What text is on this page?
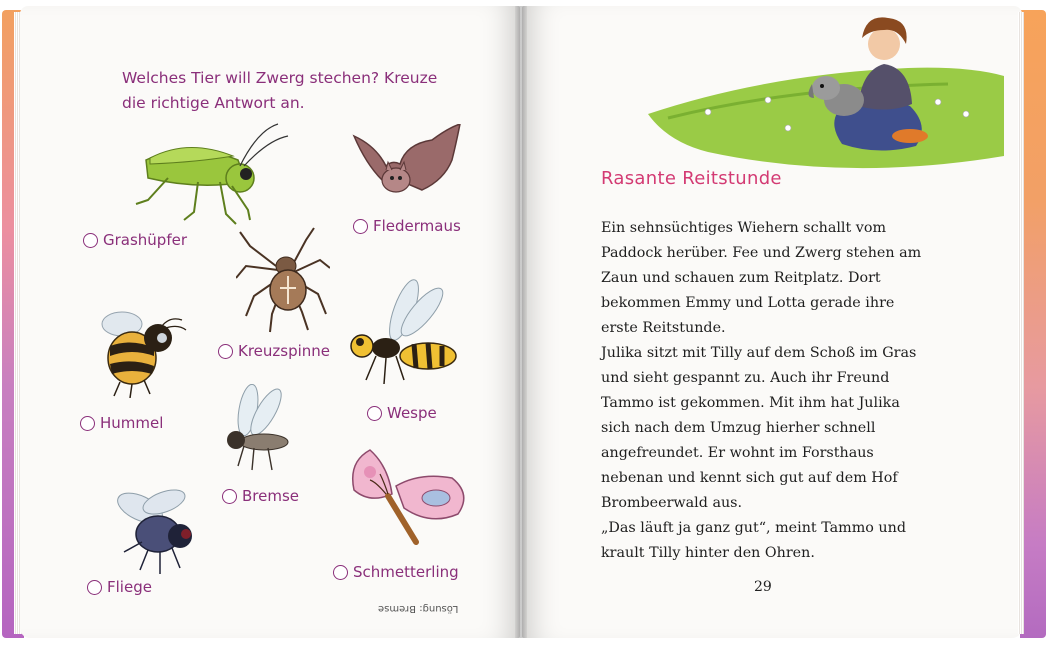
Welches Tier will Zwerg stechen? Kreuze die richtige Antwort an.
Grashüpfer
Fledermaus
Kreuzspinne
Hummel
Wespe
Bremse
Fliege
Schmetterling
Lösung: Bremse
Rasante Reitstunde

Ein sehnsüchtiges Wiehern schallt vom Paddock herüber. Fee und Zwerg stehen am Zaun und schauen zum Reitplatz. Dort bekommen Emmy und Lotta gerade ihre erste Reitstunde.

Julika sitzt mit Tilly auf dem Schoß im Gras und sieht gespannt zu. Auch ihr Freund Tammo ist gekommen. Mit ihm hat Julika sich nach dem Umzug hierher schnell angefreundet. Er wohnt im Forsthaus nebenan und kennt sich gut auf dem Hof Brombeerwald aus.

„Das läuft ja ganz gut“, meint Tammo und krault Tilly hinter den Ohren.

29
